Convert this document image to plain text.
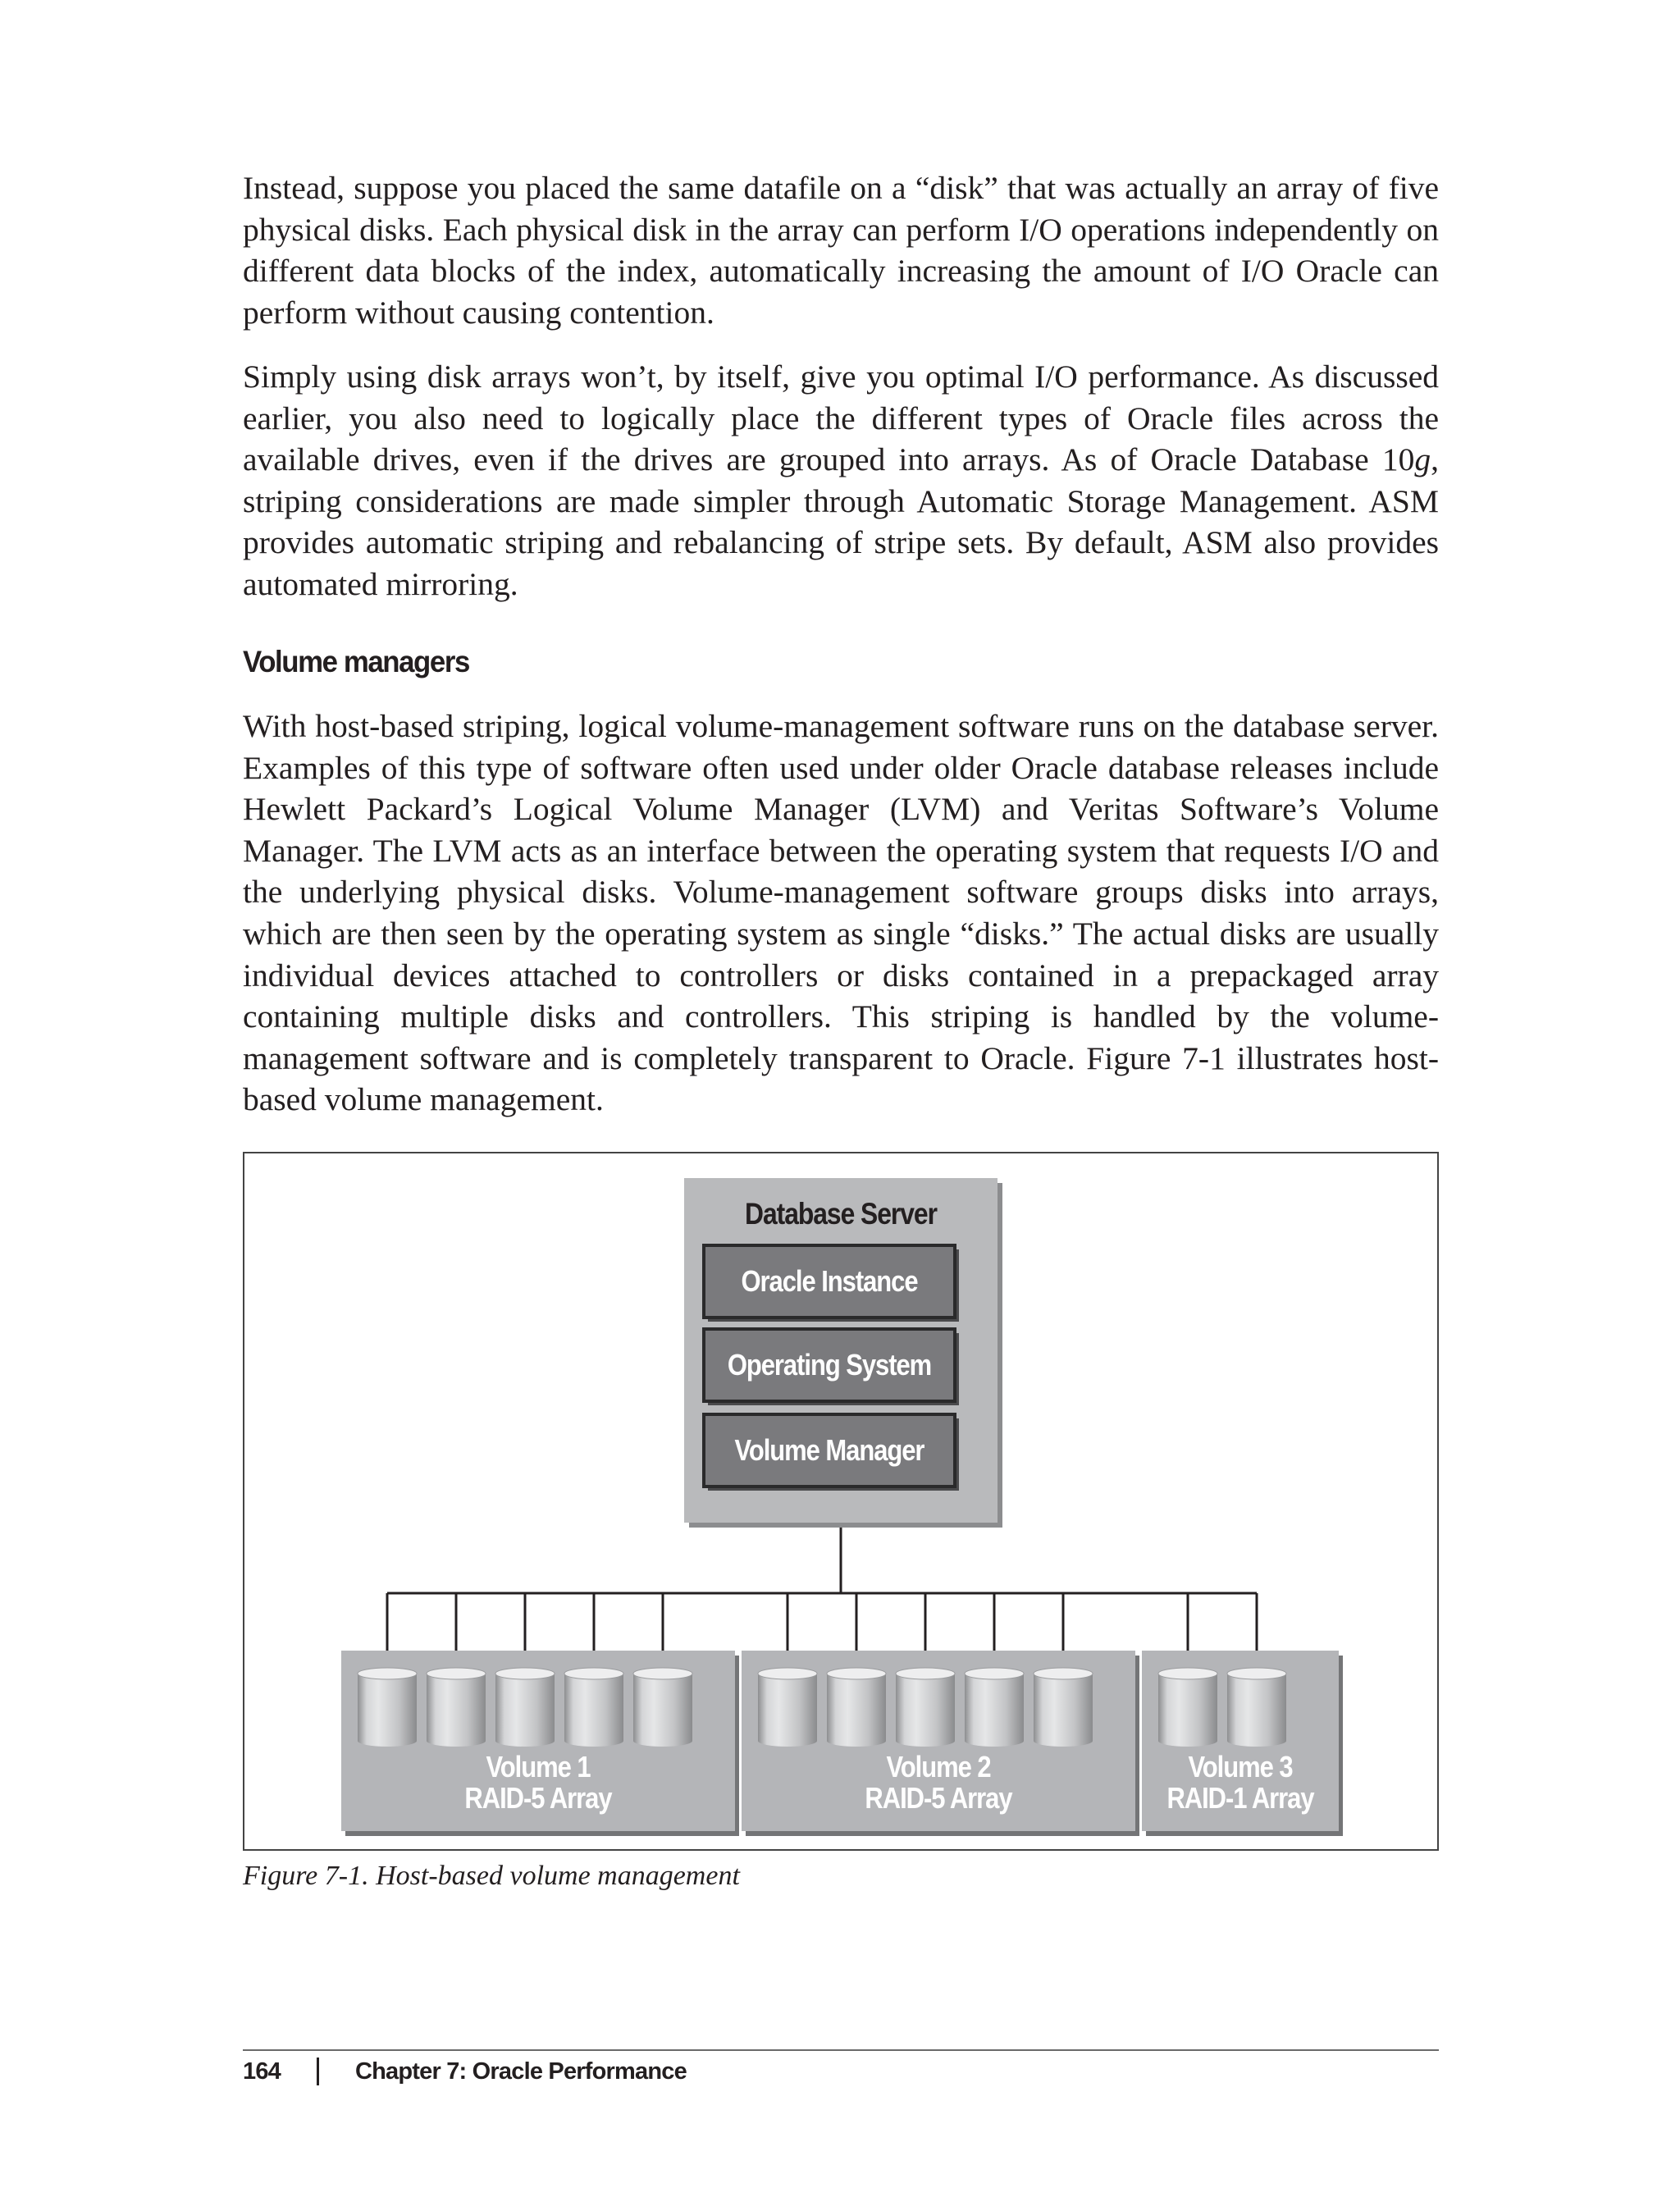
Instead, suppose you placed the same datafile on a “disk” that was actually an array of five physical disks. Each physical disk in the array can perform I/O operations independently on different data blocks of the index, automatically increasing the amount of I/O Oracle can perform without causing contention.
Simply using disk arrays won’t, by itself, give you optimal I/O performance. As discussed earlier, you also need to logically place the different types of Oracle files across the available drives, even if the drives are grouped into arrays. As of Oracle Database 10g, striping considerations are made simpler through Automatic Storage Management. ASM provides automatic striping and rebalancing of stripe sets. By default, ASM also provides automated mirroring.
Volume managers
With host-based striping, logical volume-management software runs on the database server. Examples of this type of software often used under older Oracle database releases include Hewlett Packard’s Logical Volume Manager (LVM) and Veritas Software’s Volume Manager. The LVM acts as an interface between the operating system that requests I/O and the underlying physical disks. Volume-management software groups disks into arrays, which are then seen by the operating system as single “disks.” The actual disks are usually individual devices attached to controllers or disks contained in a prepackaged array containing multiple disks and controllers. This striping is handled by the volume-management software and is completely transparent to Oracle. Figure 7-1 illustrates host-based volume management.
Database Server
Oracle Instance
Operating System
Volume Manager
Volume 1
RAID-5 Array
Volume 2
RAID-5 Array
Volume 3
RAID-1 Array
Figure 7-1. Host-based volume management
164	Chapter 7: Oracle Performance
